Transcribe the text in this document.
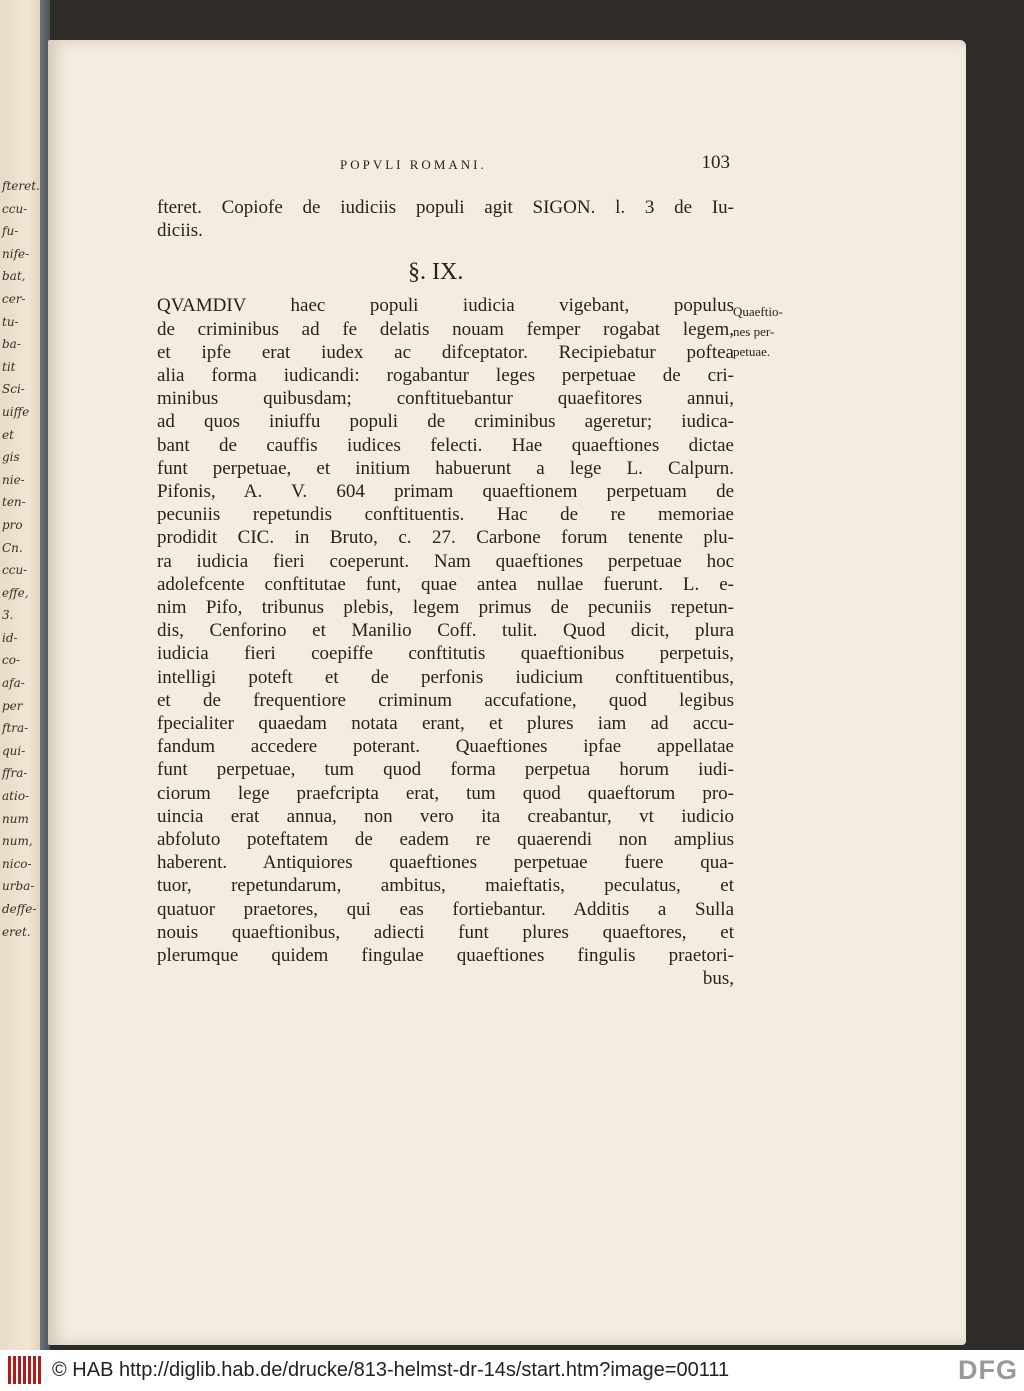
fteret.
ccu-
fu-
nife-
bat,
cer-
tu-
ba-
tit
Sci-
uiffe
et
gis
nie-
ten-
pro
Cn.
ccu-
effe,
3.
id-
co-
afa-
per
ftra-
qui-
ffra-
atio-
num
num,
nico-
urba-
deffe-
eret.
POPVLI ROMANI.	103
fteret. Copiofe de iudiciis populi agit SIGON. l. 3 de Iu-
diciis.
QVAMDIV haec populi iudicia vigebant, populus
de criminibus ad fe delatis nouam femper rogabat legem,
et ipfe erat iudex ac difceptator. Recipiebatur poftea
alia forma iudicandi: rogabantur leges perpetuae de cri-
minibus quibusdam; conftituebantur quaefitores annui,
ad quos iniuffu populi de criminibus ageretur; iudica-
bant de cauffis iudices felecti. Hae quaeftiones dictae
funt perpetuae, et initium habuerunt a lege L. Calpurn.
Pifonis, A. V. 604 primam quaeftionem perpetuam de
pecuniis repetundis conftituentis. Hac de re memoriae
prodidit CIC. in Bruto, c. 27. Carbone forum tenente plu-
ra iudicia fieri coeperunt. Nam quaeftiones perpetuae hoc
adolefcente conftitutae funt, quae antea nullae fuerunt. L. e-
nim Pifo, tribunus plebis, legem primus de pecuniis repetun-
dis, Cenforino et Manilio Coff. tulit. Quod dicit, plura
iudicia fieri coepiffe conftitutis quaeftionibus perpetuis,
intelligi poteft et de perfonis iudicium conftituentibus,
et de frequentiore criminum accufatione, quod legibus
fpecialiter quaedam notata erant, et plures iam ad accu-
fandum accedere poterant. Quaeftiones ipfae appellatae
funt perpetuae, tum quod forma perpetua horum iudi-
ciorum lege praefcripta erat, tum quod quaeftorum pro-
uincia erat annua, non vero ita creabantur, vt iudicio
abfoluto poteftatem de eadem re quaerendi non amplius
haberent. Antiquiores quaeftiones perpetuae fuere qua-
tuor, repetundarum, ambitus, maieftatis, peculatus, et
quatuor praetores, qui eas fortiebantur. Additis a Sulla
nouis quaeftionibus, adiecti funt plures quaeftores, et
plerumque quidem fingulae quaeftiones fingulis praetori-
bus,
§. IX.
Quaeftio-
nes per-
petuae.
© HAB http://diglib.hab.de/drucke/813-helmst-dr-14s/start.htm?image=00111	DFG
